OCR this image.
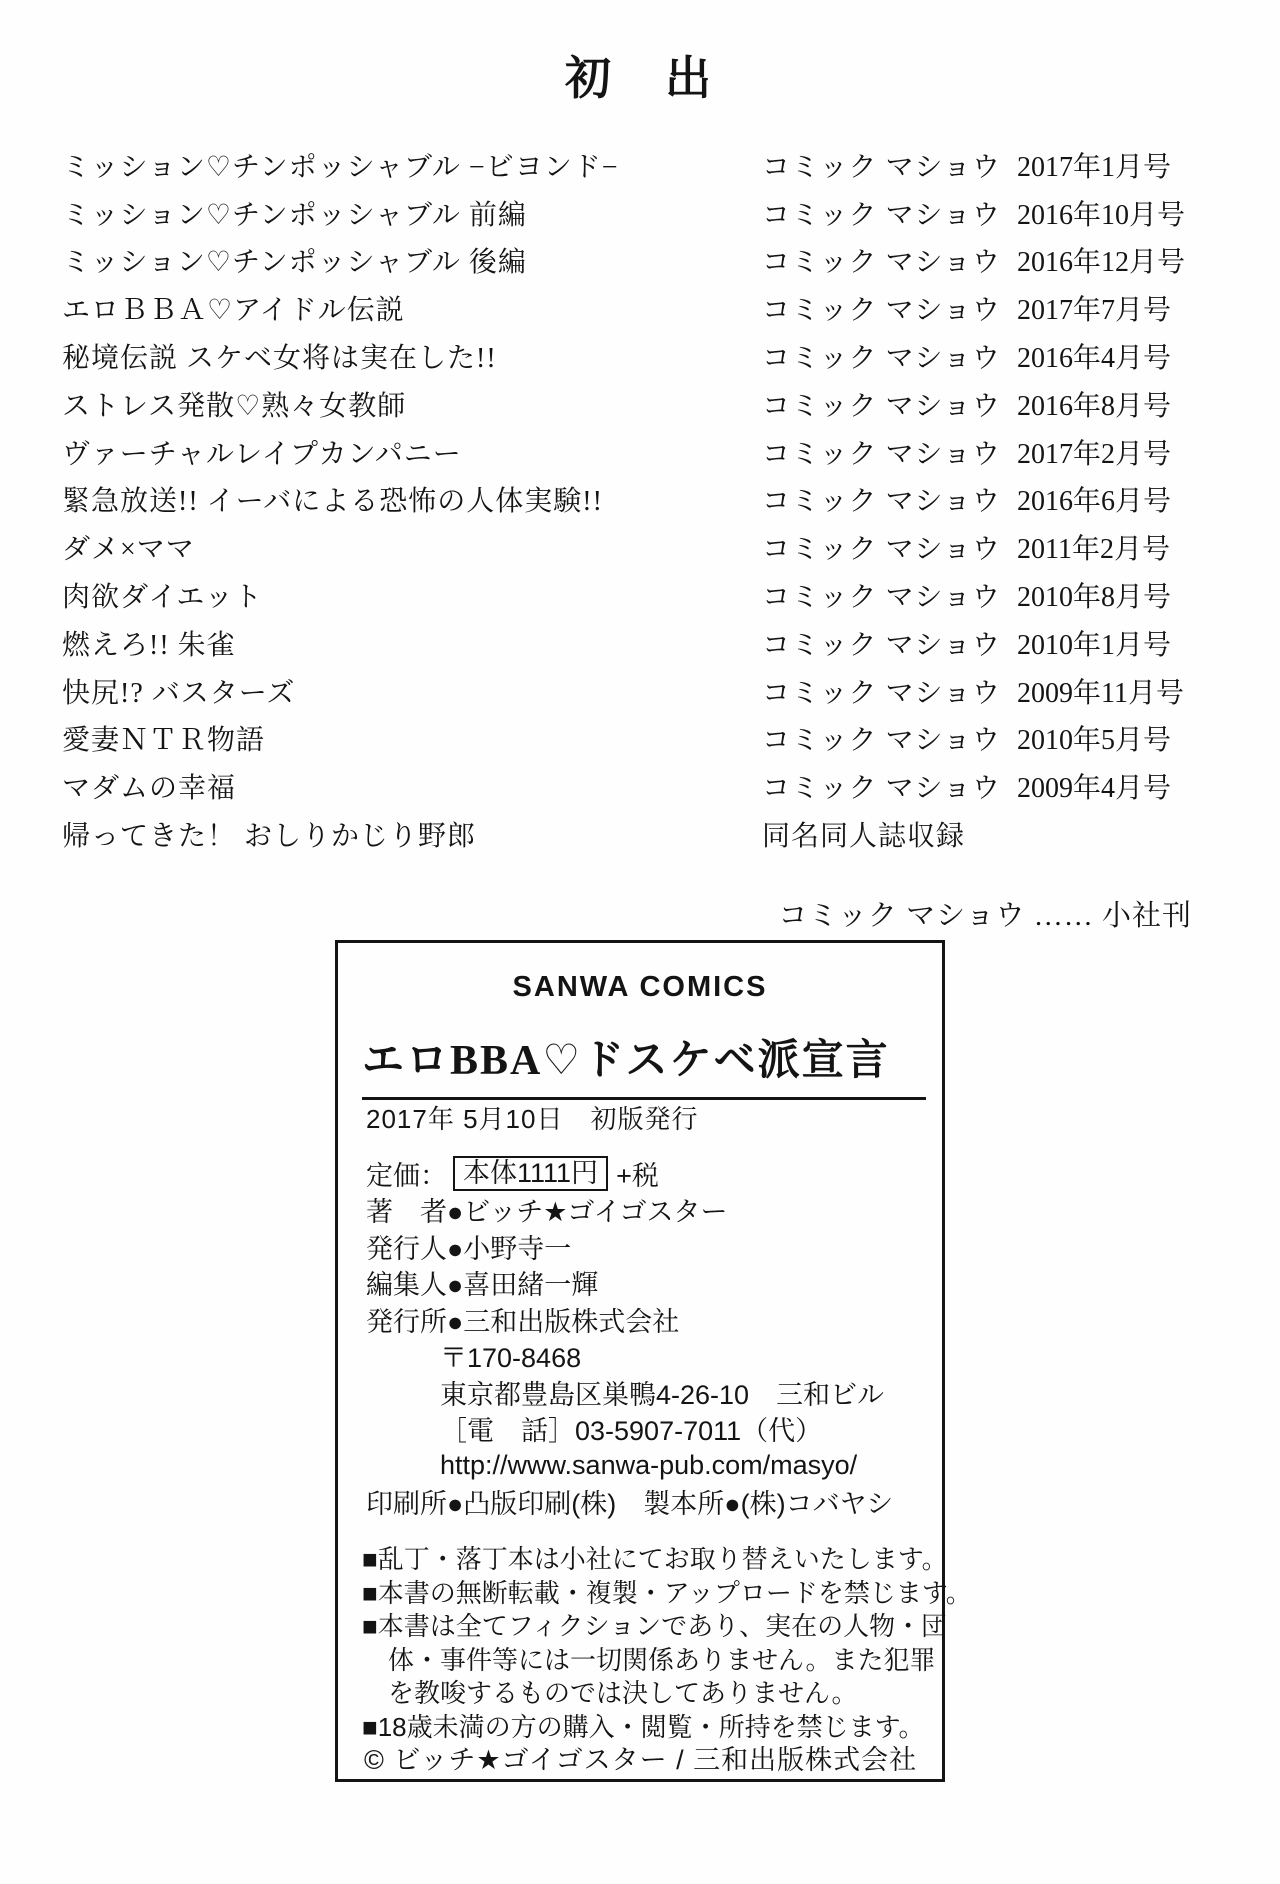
初　出
ミッション♡チンポッシャブル −ビヨンド−	コミック マショウ 2017年1月号
ミッション♡チンポッシャブル 前編	コミック マショウ 2016年10月号
ミッション♡チンポッシャブル 後編	コミック マショウ 2016年12月号
エロＢＢＡ♡アイドル伝説	コミック マショウ 2017年7月号
秘境伝説 スケベ女将は実在した!!	コミック マショウ 2016年4月号
ストレス発散♡熟々女教師	コミック マショウ 2016年8月号
ヴァーチャルレイプカンパニー	コミック マショウ 2017年2月号
緊急放送!! イーバによる恐怖の人体実験!!	コミック マショウ 2016年6月号
ダメ×ママ	コミック マショウ 2011年2月号
肉欲ダイエット	コミック マショウ 2010年8月号
燃えろ!! 朱雀	コミック マショウ 2010年1月号
快尻!? バスターズ	コミック マショウ 2009年11月号
愛妻ＮＴＲ物語	コミック マショウ 2010年5月号
マダムの幸福	コミック マショウ 2009年4月号
帰ってきた！ おしりかじり野郎	同名同人誌収録
コミック マショウ …… 小社刊
SANWA COMICS
エロBBA♡ドスケベ派宣言
2017年 5月10日　初版発行
定価： 本体1111円 +税
著　者●ビッチ★ゴイゴスター
発行人●小野寺一
編集人●喜田緒一輝
発行所●三和出版株式会社
〒170-8468
東京都豊島区巣鴨4-26-10　三和ビル
［電　話］03-5907-7011（代）
http://www.sanwa-pub.com/masyo/
印刷所●凸版印刷(株)　製本所●(株)コバヤシ
■乱丁・落丁本は小社にてお取り替えいたします。
■本書の無断転載・複製・アップロードを禁じます。
■本書は全てフィクションであり、実在の人物・団
体・事件等には一切関係ありません。また犯罪
を教唆するものでは決してありません。
■18歳未満の方の購入・閲覧・所持を禁じます。
© ビッチ★ゴイゴスター / 三和出版株式会社
